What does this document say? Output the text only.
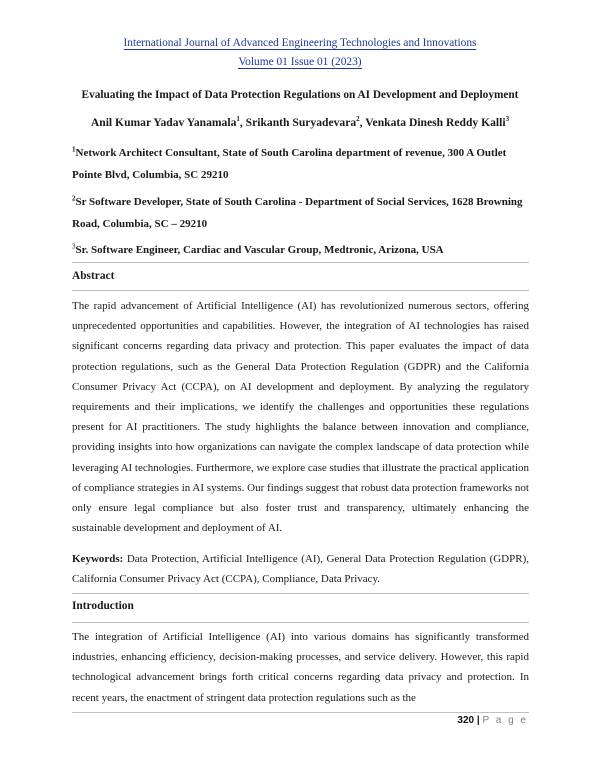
International Journal of Advanced Engineering Technologies and Innovations
Volume 01 Issue 01 (2023)
Evaluating the Impact of Data Protection Regulations on AI Development and Deployment
Anil Kumar Yadav Yanamala$^1$, Srikanth Suryadevara$^2$, Venkata Dinesh Reddy Kalli$^3$
$^1$Network Architect Consultant, State of South Carolina department of revenue, 300 A Outlet Pointe Blvd, Columbia, SC 29210
$^2$Sr Software Developer, State of South Carolina - Department of Social Services, 1628 Browning Road, Columbia, SC – 29210
$^3$Sr. Software Engineer, Cardiac and Vascular Group, Medtronic, Arizona, USA
Abstract
The rapid advancement of Artificial Intelligence (AI) has revolutionized numerous sectors, offering unprecedented opportunities and capabilities. However, the integration of AI technologies has raised significant concerns regarding data privacy and protection. This paper evaluates the impact of data protection regulations, such as the General Data Protection Regulation (GDPR) and the California Consumer Privacy Act (CCPA), on AI development and deployment. By analyzing the regulatory requirements and their implications, we identify the challenges and opportunities these regulations present for AI practitioners. The study highlights the balance between innovation and compliance, providing insights into how organizations can navigate the complex landscape of data protection while leveraging AI technologies. Furthermore, we explore case studies that illustrate the practical application of compliance strategies in AI systems. Our findings suggest that robust data protection frameworks not only ensure legal compliance but also foster trust and transparency, ultimately enhancing the sustainable development and deployment of AI.
Keywords: Data Protection, Artificial Intelligence (AI), General Data Protection Regulation (GDPR), California Consumer Privacy Act (CCPA), Compliance, Data Privacy.
Introduction
The integration of Artificial Intelligence (AI) into various domains has significantly transformed industries, enhancing efficiency, decision-making processes, and service delivery. However, this rapid technological advancement brings forth critical concerns regarding data privacy and protection. In recent years, the enactment of stringent data protection regulations such as the
320 | P a g e
